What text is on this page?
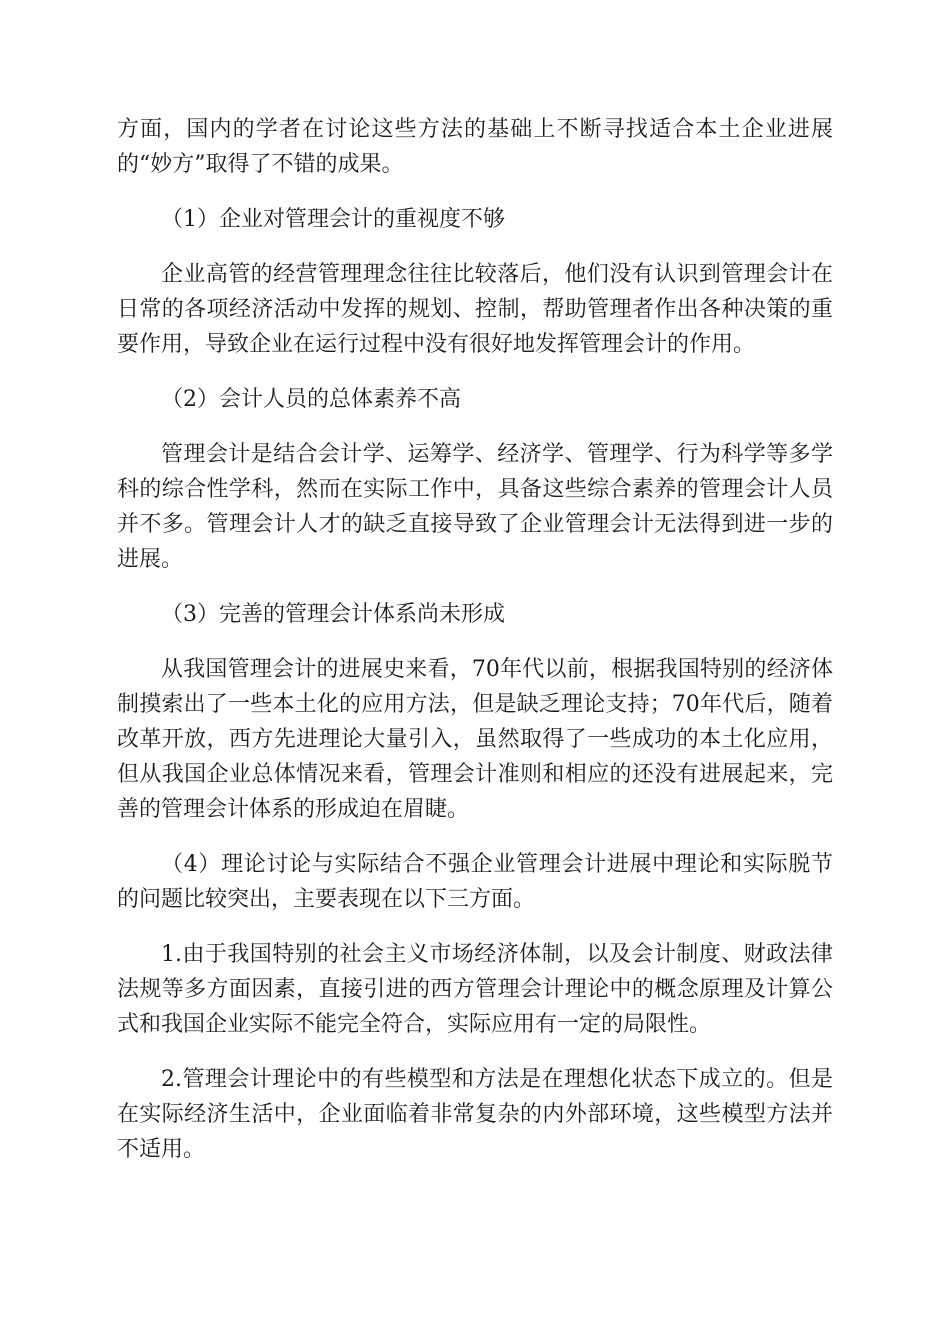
方面，国内的学者在讨论这些方法的基础上不断寻找适合本土企业进展的“妙方”取得了不错的成果。

（1）企业对管理会计的重视度不够

企业高管的经营管理理念往往比较落后，他们没有认识到管理会计在日常的各项经济活动中发挥的规划、控制，帮助管理者作出各种决策的重要作用，导致企业在运行过程中没有很好地发挥管理会计的作用。

（2）会计人员的总体素养不高

管理会计是结合会计学、运筹学、经济学、管理学、行为科学等多学科的综合性学科，然而在实际工作中，具备这些综合素养的管理会计人员并不多。管理会计人才的缺乏直接导致了企业管理会计无法得到进一步的进展。

（3）完善的管理会计体系尚未形成

从我国管理会计的进展史来看，70年代以前，根据我国特别的经济体制摸索出了一些本土化的应用方法，但是缺乏理论支持；70年代后，随着改革开放，西方先进理论大量引入，虽然取得了一些成功的本土化应用，但从我国企业总体情况来看，管理会计准则和相应的还没有进展起来，完善的管理会计体系的形成迫在眉睫。

（4）理论讨论与实际结合不强企业管理会计进展中理论和实际脱节的问题比较突出，主要表现在以下三方面。

1.由于我国特别的社会主义市场经济体制，以及会计制度、财政法律法规等多方面因素，直接引进的西方管理会计理论中的概念原理及计算公式和我国企业实际不能完全符合，实际应用有一定的局限性。

2.管理会计理论中的有些模型和方法是在理想化状态下成立的。但是在实际经济生活中，企业面临着非常复杂的内外部环境，这些模型方法并不适用。
